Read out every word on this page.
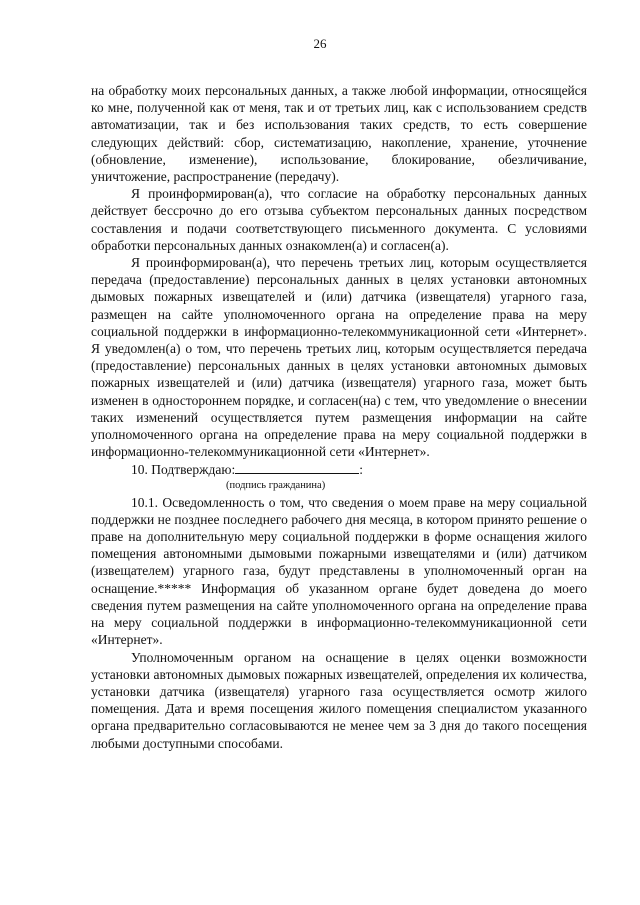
26

на обработку моих персональных данных, а также любой информации, относящейся ко мне, полученной как от меня, так и от третьих лиц, как с использованием средств автоматизации, так и без использования таких средств, то есть совершение следующих действий: сбор, систематизацию, накопление, хранение, уточнение (обновление, изменение), использование, блокирование, обезличивание, уничтожение, распространение (передачу).

Я проинформирован(а), что согласие на обработку персональных данных действует бессрочно до его отзыва субъектом персональных данных посредством составления и подачи соответствующего письменного документа. С условиями обработки персональных данных ознакомлен(а) и согласен(а).

Я проинформирован(а), что перечень третьих лиц, которым осуществляется передача (предоставление) персональных данных в целях установки автономных дымовых пожарных извещателей и (или) датчика (извещателя) угарного газа, размещен на сайте уполномоченного органа на определение права на меру социальной поддержки в информационно-телекоммуникационной сети «Интернет». Я уведомлен(а) о том, что перечень третьих лиц, которым осуществляется передача (предоставление) персональных данных в целях установки автономных дымовых пожарных извещателей и (или) датчика (извещателя) угарного газа, может быть изменен в одностороннем порядке, и согласен(на) с тем, что уведомление о внесении таких изменений осуществляется путем размещения информации на сайте уполномоченного органа на определение права на меру социальной поддержки в информационно-телекоммуникационной сети «Интернет».

10. Подтверждаю:	:
(подпись гражданина)

10.1. Осведомленность о том, что сведения о моем праве на меру социальной поддержки не позднее последнего рабочего дня месяца, в котором принято решение о праве на дополнительную меру социальной поддержки в форме оснащения жилого помещения автономными дымовыми пожарными извещателями и (или) датчиком (извещателем) угарного газа, будут представлены в уполномоченный орган на оснащение.***** Информация об указанном органе будет доведена до моего сведения путем размещения на сайте уполномоченного органа на определение права на меру социальной поддержки в информационно-телекоммуникационной сети «Интернет».

Уполномоченным органом на оснащение в целях оценки возможности установки автономных дымовых пожарных извещателей, определения их количества, установки датчика (извещателя) угарного газа осуществляется осмотр жилого помещения. Дата и время посещения жилого помещения специалистом указанного органа предварительно согласовываются не менее чем за 3 дня до такого посещения любыми доступными способами.
